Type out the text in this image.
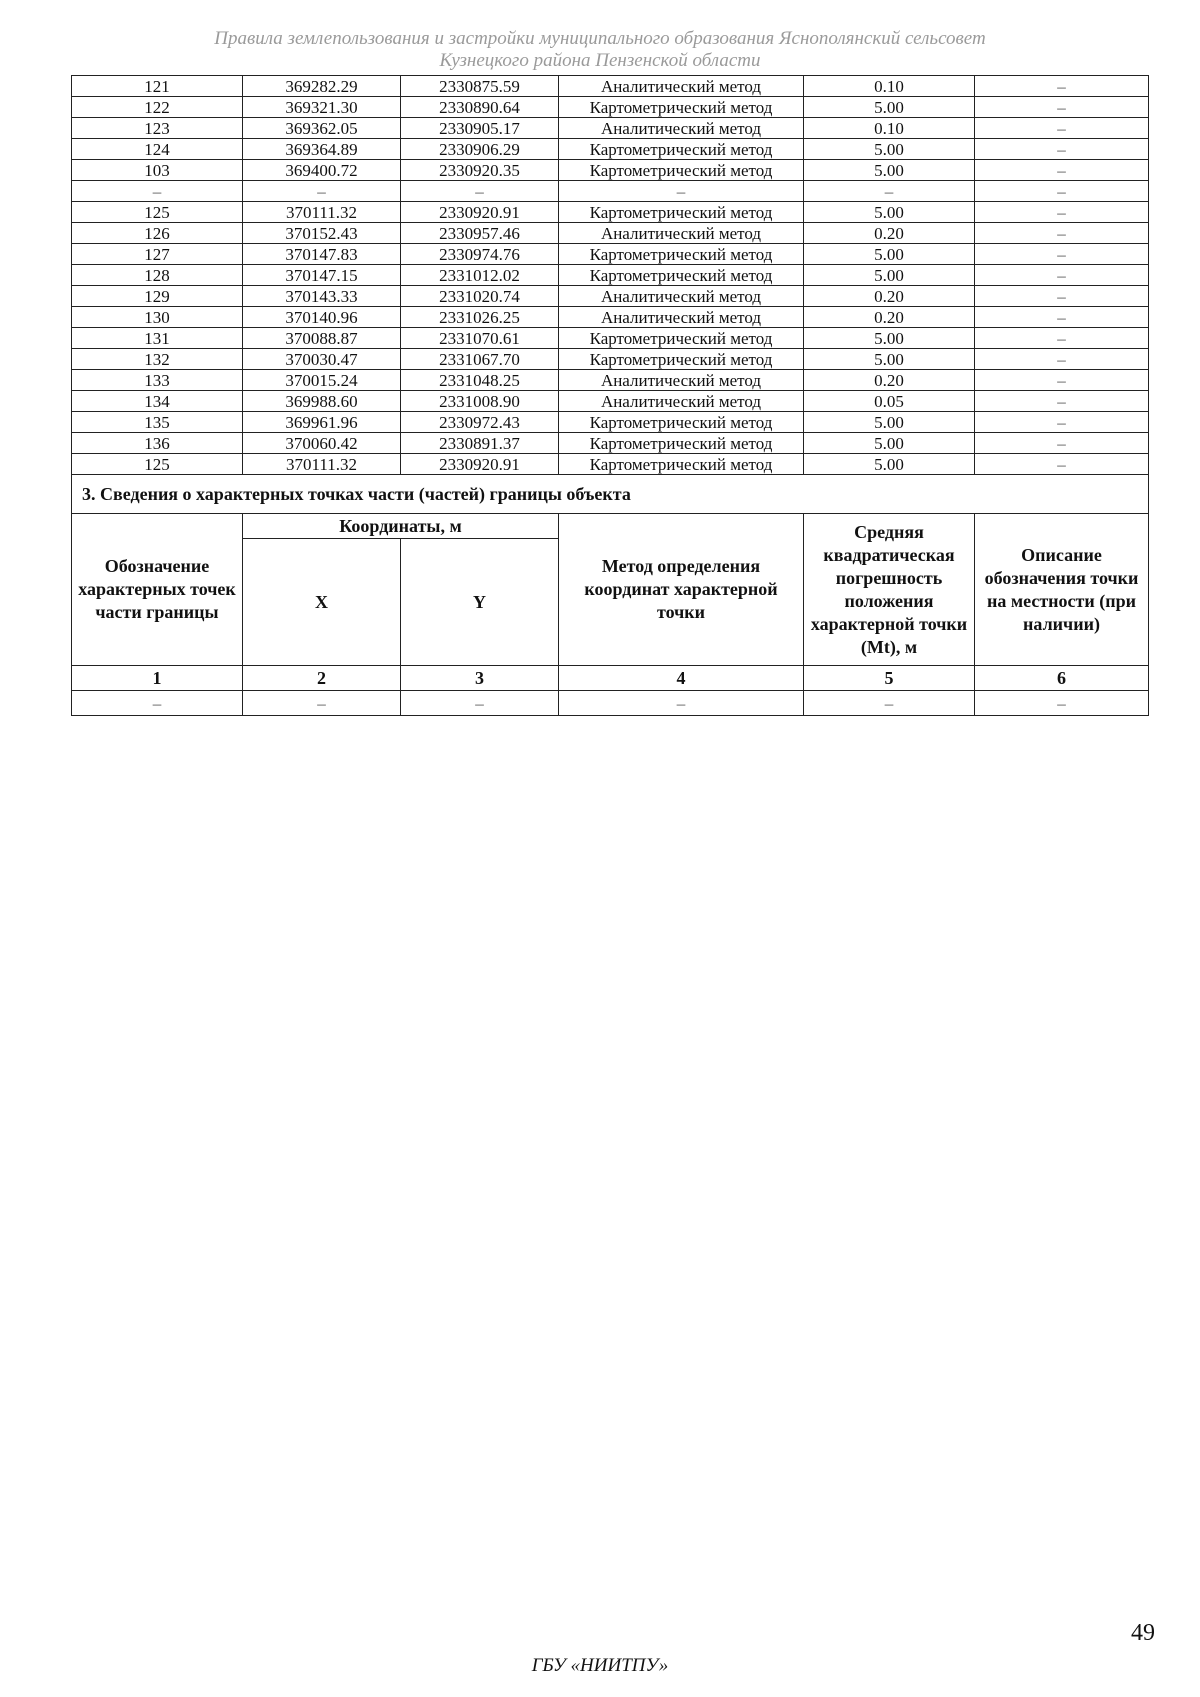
Правила землепользования и застройки муниципального образования Яснополянский сельсовет
Кузнецкого района Пензенской области
121	369282.29	2330875.59	Аналитический метод	0.10	–
122	369321.30	2330890.64	Картометрический метод	5.00	–
123	369362.05	2330905.17	Аналитический метод	0.10	–
124	369364.89	2330906.29	Картометрический метод	5.00	–
103	369400.72	2330920.35	Картометрический метод	5.00	–
–	–	–	–	–	–
125	370111.32	2330920.91	Картометрический метод	5.00	–
126	370152.43	2330957.46	Аналитический метод	0.20	–
127	370147.83	2330974.76	Картометрический метод	5.00	–
128	370147.15	2331012.02	Картометрический метод	5.00	–
129	370143.33	2331020.74	Аналитический метод	0.20	–
130	370140.96	2331026.25	Аналитический метод	0.20	–
131	370088.87	2331070.61	Картометрический метод	5.00	–
132	370030.47	2331067.70	Картометрический метод	5.00	–
133	370015.24	2331048.25	Аналитический метод	0.20	–
134	369988.60	2331008.90	Аналитический метод	0.05	–
135	369961.96	2330972.43	Картометрический метод	5.00	–
136	370060.42	2330891.37	Картометрический метод	5.00	–
125	370111.32	2330920.91	Картометрический метод	5.00	–
3. Сведения о характерных точках части (частей) границы объекта					
Обозначение характерных точек части границы	Координаты, м		Метод определения координат характерной точки	Средняя квадратическая погрешность положения характерной точки (Mt), м	Описание обозначения точки на местности (при наличии)
	X	Y			
1	2	3	4	5	6
–	–	–	–	–	–
49
ГБУ «НИИТПУ»
